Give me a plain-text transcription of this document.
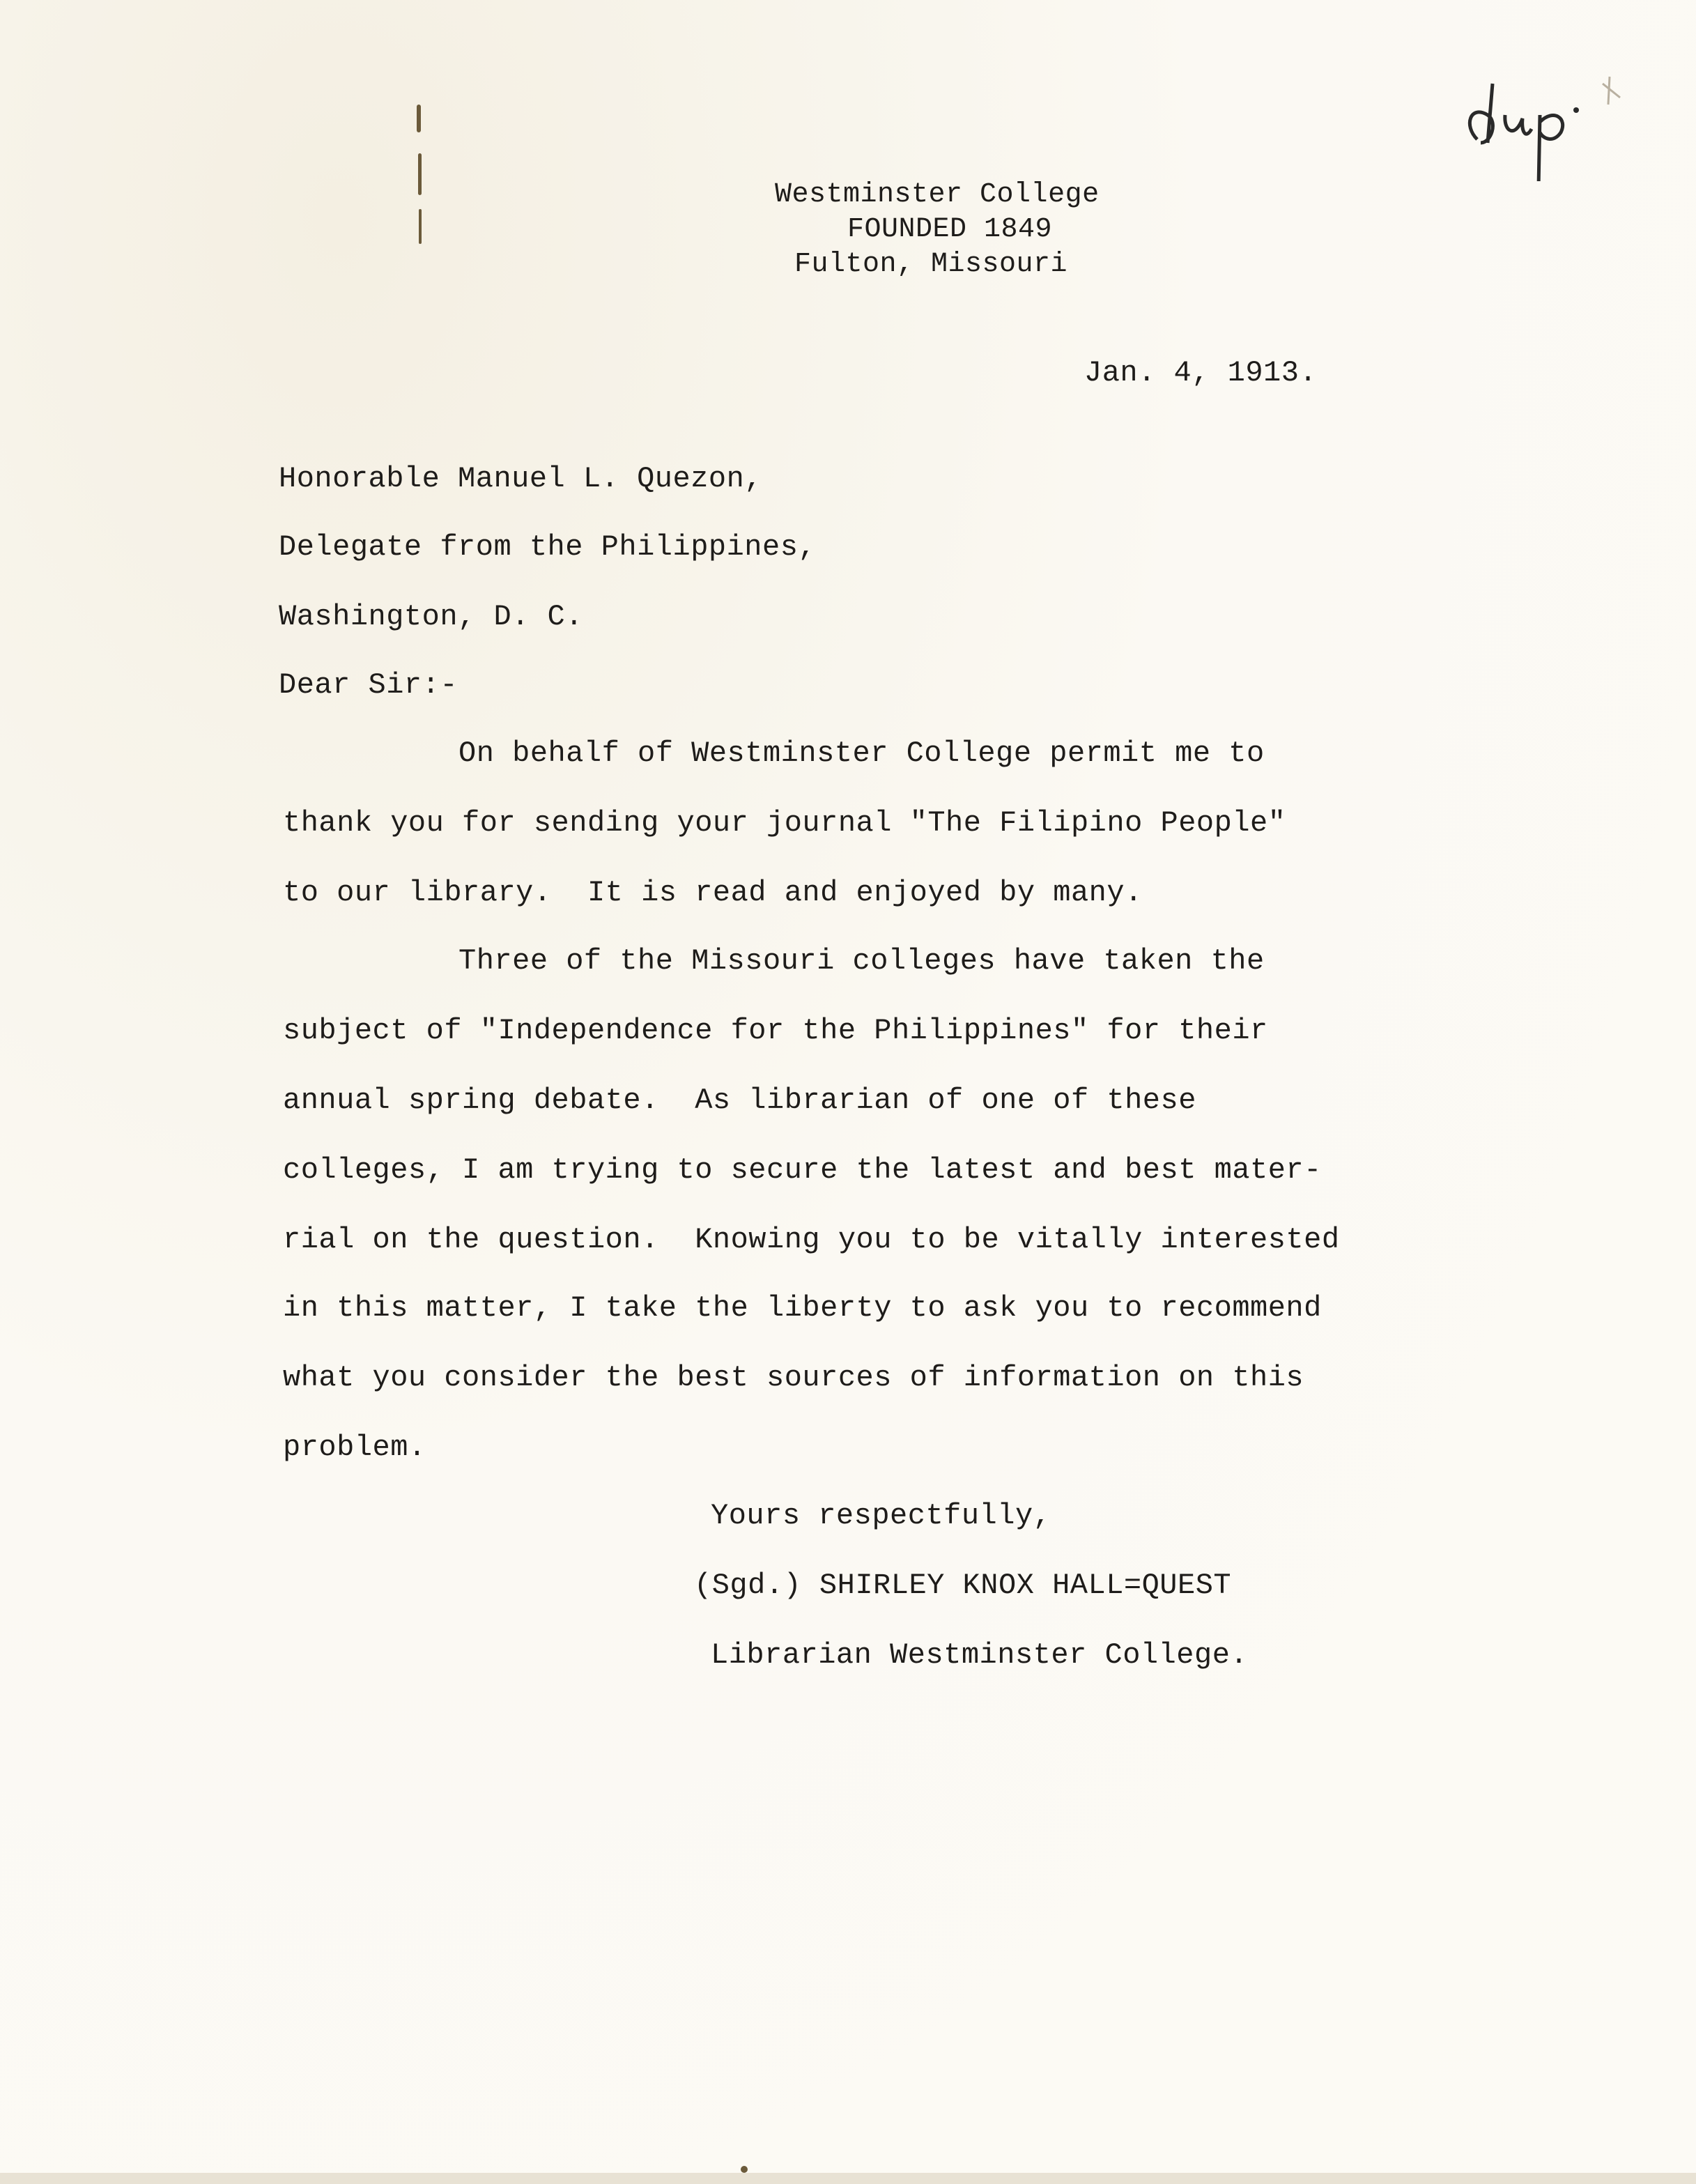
Westminster College
FOUNDED 1849
Fulton, Missouri
Jan. 4, 1913.
Honorable Manuel L. Quezon,
Delegate from the Philippines,
Washington, D. C.
Dear Sir:-
On behalf of Westminster College permit me to
thank you for sending your journal "The Filipino People"
to our library.  It is read and enjoyed by many.
Three of the Missouri colleges have taken the
subject of "Independence for the Philippines" for their
annual spring debate.  As librarian of one of these
colleges, I am trying to secure the latest and best mater-
rial on the question.  Knowing you to be vitally interested
in this matter, I take the liberty to ask you to recommend
what you consider the best sources of information on this
problem.
Yours respectfully,
(Sgd.) SHIRLEY KNOX HALL=QUEST
Librarian Westminster College.
